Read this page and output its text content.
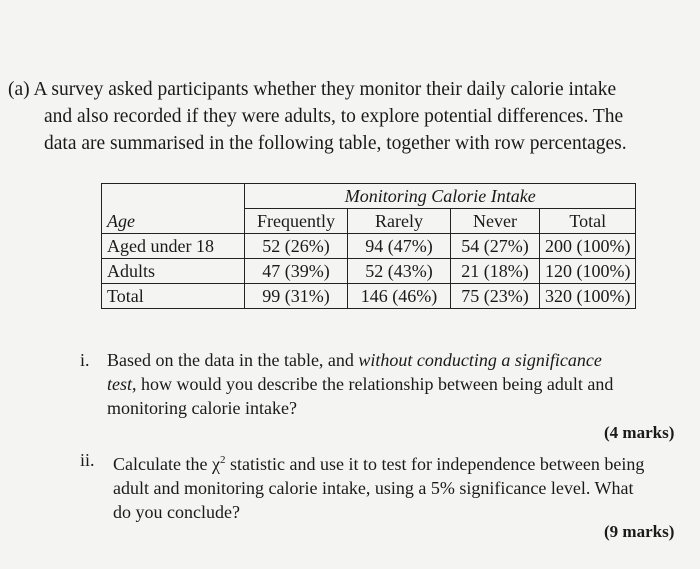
(a) A survey asked participants whether they monitor their daily calorie intake
and also recorded if they were adults, to explore potential differences. The
data are summarised in the following table, together with row percentages.
	Monitoring Calorie Intake			
Age	Frequently	Rarely	Never	Total
Aged under 18	52 (26%)	94 (47%)	54 (27%)	200 (100%)
Adults	47 (39%)	52 (43%)	21 (18%)	120 (100%)
Total	99 (31%)	146 (46%)	75 (23%)	320 (100%)
i. Based on the data in the table, and without conducting a significance
test, how would you describe the relationship between being adult and
monitoring calorie intake?
(4 marks)
ii. Calculate the $\chi^2$ statistic and use it to test for independence between being
adult and monitoring calorie intake, using a 5% significance level. What
do you conclude?
(9 marks)
